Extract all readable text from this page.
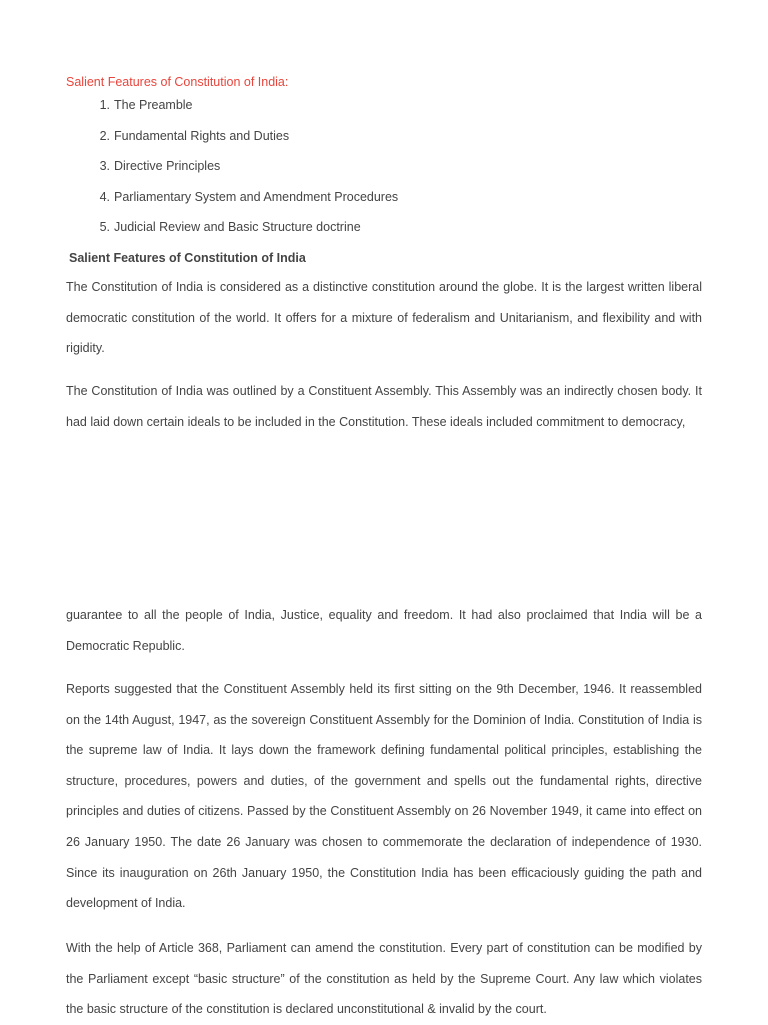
Salient Features of Constitution of India:
1. The Preamble
2. Fundamental Rights and Duties
3. Directive Principles
4. Parliamentary System and Amendment Procedures
5. Judicial Review and Basic Structure doctrine
Salient Features of Constitution of India

The Constitution of India is considered as a distinctive constitution around the globe. It is the largest written liberal democratic constitution of the world. It offers for a mixture of federalism and Unitarianism, and flexibility and with rigidity.

The Constitution of India was outlined by a Constituent Assembly. This Assembly was an indirectly chosen body. It had laid down certain ideals to be included in the Constitution. These ideals included commitment to democracy,

guarantee to all the people of India, Justice, equality and freedom. It had also proclaimed that India will be a Democratic Republic.

Reports suggested that the Constituent Assembly held its first sitting on the 9th December, 1946. It reassembled on the 14th August, 1947, as the sovereign Constituent Assembly for the Dominion of India. Constitution of India is the supreme law of India. It lays down the framework defining fundamental political principles, establishing the structure, procedures, powers and duties, of the government and spells out the fundamental rights, directive principles and duties of citizens. Passed by the Constituent Assembly on 26 November 1949, it came into effect on 26 January 1950. The date 26 January was chosen to commemorate the declaration of independence of 1930. Since its inauguration on 26th January 1950, the Constitution India has been efficaciously guiding the path and development of India.

With the help of Article 368, Parliament can amend the constitution. Every part of constitution can be modified by the Parliament except “basic structure” of the constitution as held by the Supreme Court. Any law which violates the basic structure of the constitution is declared unconstitutional & invalid by the court.
